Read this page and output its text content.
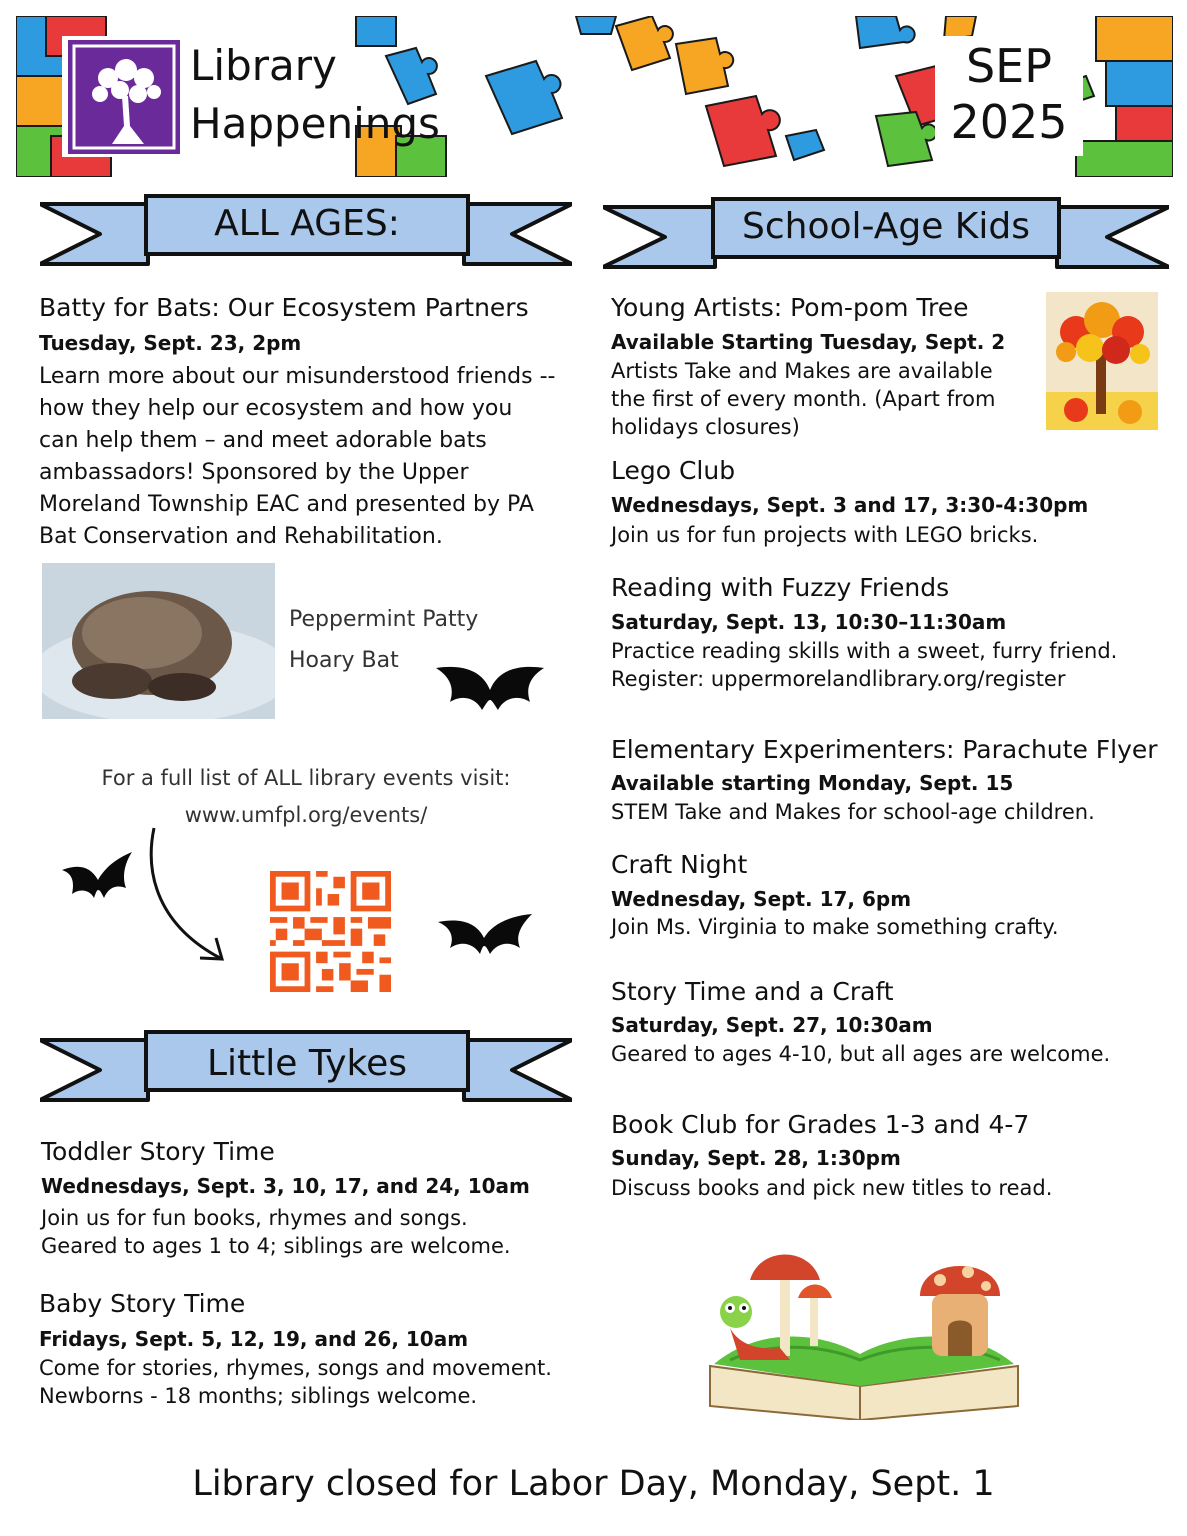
Library
Happenings
SEP
2025
ALL AGES:	School-Age Kids
Little Tykes
Batty for Bats: Our Ecosystem Partners
Tuesday, Sept. 23, 2pm
Learn more about our misunderstood friends --
how they help our ecosystem and how you
can help them – and meet adorable bats
ambassadors! Sponsored by the Upper
Moreland Township EAC and presented by PA
Bat Conservation and Rehabilitation.
Peppermint Patty
Hoary Bat
For a full list of ALL library events visit:
www.umfpl.org/events/
Toddler Story Time
Wednesdays, Sept. 3, 10, 17, and 24, 10am
Join us for fun books, rhymes and songs.
Geared to ages 1 to 4; siblings are welcome.
Baby Story Time
Fridays, Sept. 5, 12, 19, and 26, 10am
Come for stories, rhymes, songs and movement.
Newborns - 18 months; siblings welcome.
Young Artists: Pom-pom Tree
Available Starting Tuesday, Sept. 2
Artists Take and Makes are available
the first of every month. (Apart from
holidays closures)
Lego Club
Wednesdays, Sept. 3 and 17, 3:30-4:30pm
Join us for fun projects with LEGO bricks.
Reading with Fuzzy Friends
Saturday, Sept. 13, 10:30–11:30am
Practice reading skills with a sweet, furry friend.
Register: uppermorelandlibrary.org/register
Elementary Experimenters: Parachute Flyer
Available starting Monday, Sept. 15
STEM Take and Makes for school-age children.
Craft Night
Wednesday, Sept. 17, 6pm
Join Ms. Virginia to make something crafty.
Story Time and a Craft
Saturday, Sept. 27, 10:30am
Geared to ages 4-10, but all ages are welcome.
Book Club for Grades 1-3 and 4-7
Sunday, Sept. 28, 1:30pm
Discuss books and pick new titles to read.
Library closed for Labor Day, Monday, Sept. 1
